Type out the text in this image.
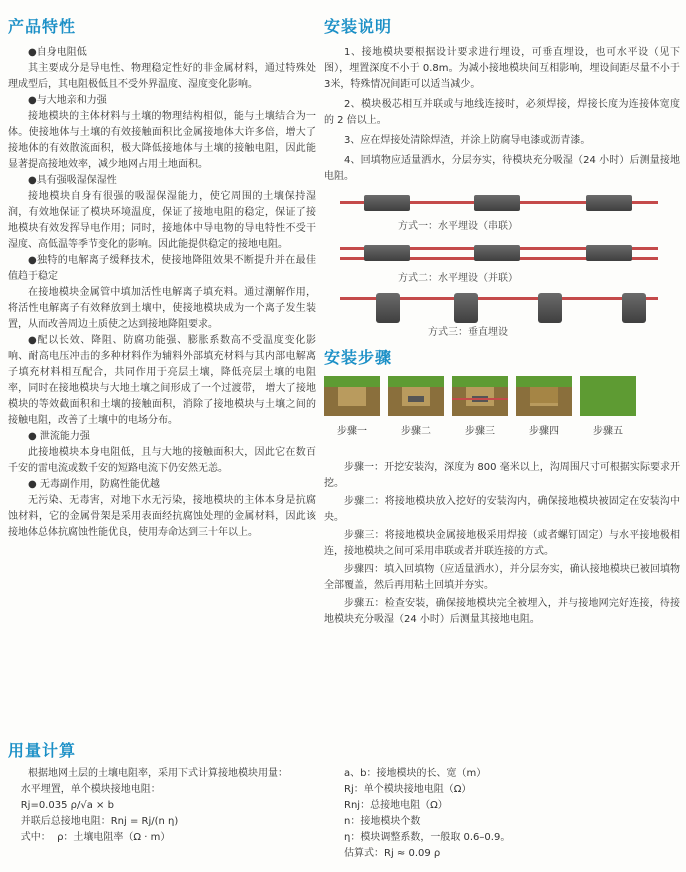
产品特性

●自身电阻低

其主要成分是导电性、物理稳定性好的非金属材料，通过特殊处理成型后，其电阻极低且不受外界温度、湿度变化影响。

●与大地亲和力强

接地模块的主体材料与土壤的物理结构相似，能与土壤结合为一体。使接地体与土壤的有效接触面积比金属接地体大许多倍，增大了接地体的有效散流面积，极大降低接地体与土壤的接触电阻，因此能显著提高接地效率，减少地网占用土地面积。

●具有强吸湿保湿性

接地模块自身有很强的吸湿保湿能力，使它周围的土壤保持湿润，有效地保证了模块环境温度，保证了接地电阻的稳定，保证了接地模块有效发挥导电作用；同时，接地体中导电物的导电特性不受干湿度、高低温等季节变化的影响。因此能提供稳定的接地电阻。

●独特的电解离子缓释技术，使接地降阻效果不断提升并在最佳值趋于稳定

在接地模块金属管中填加活性电解离子填充料。通过潮解作用，将活性电解离子有效释放到土壤中，使接地模块成为一个离子发生装置，从而改善周边土质使之达到接地降阻要求。

●配以长效、降阻、防腐功能强、膨胀系数高不受温度变化影响、耐高电压冲击的多种材料作为辅料外部填充材料与其内部电解离子填充材料相互配合，共同作用于亮层土壤，降低亮层土壤的电阻率，同时在接地模块与大地土壤之间形成了一个过渡带， 增大了接地模块的等效截面积和土壤的接触面积，消除了接地模块与土壤之间的接触电阻，改善了土壤中的电场分布。

● 泄流能力强

此接地模块本身电阻低，且与大地的接触面积大，因此它在数百千安的雷电流或数千安的短路电流下仍安然无恙。

● 无毒副作用，防腐性能优越

无污染、无毒害，对地下水无污染，接地模块的主体本身是抗腐蚀材料，它的金属骨架是采用表面经抗腐蚀处理的金属材料，因此该接地体总体抗腐蚀性能优良，使用寿命达到三十年以上。

安装说明

1、接地模块要根据设计要求进行埋设，可垂直埋设，也可水平设（见下图），埋置深度不小于 0.8m。为减小接地模块间互相影响，埋设间距尽量不小于3米，特殊情况间距可以适当减少。

2、模块极芯相互并联或与地线连接时，必须焊接，焊接长度为连接体宽度的 2 倍以上。

3、应在焊接处清除焊渣，并涂上防腐导电漆或沥青漆。

4、回填物应适量洒水，分层夯实，待模块充分吸湿（24 小时）后测量接地电阻。

方式一：水平埋设（串联）
方式二：水平埋设（并联）
方式三：垂直埋设
安装步骤
步骤一	步骤二	步骤三	步骤四	步骤五

步骤一：开挖安装沟，深度为 800 毫米以上，沟周围尺寸可根据实际要求开挖。

步骤二：将接地模块放入挖好的安装沟内，确保接地模块被固定在安装沟中央。

步骤三：将接地模块金属接地极采用焊接（或者螺钉固定）与水平接地极相连，接地模块之间可采用串联或者并联连接的方式。

步骤四：填入回填物（应适量洒水），并分层夯实，确认接地模块已被回填物全部覆盖，然后再用粘土回填并夯实。

步骤五：检查安装，确保接地模块完全被埋入，并与接地网完好连接，待接地模块充分吸湿（24 小时）后测量其接地电阻。

用量计算

根据地网土层的土壤电阻率，采用下式计算接地模块用量：

水平埋置，单个模块接地电阻：

Rj=0.035 ρ/√a × b

并联后总接地电阻：Rnj = Rj/(n η)

式中：  ρ：土壤电阻率（Ω · m）

a、b：接地模块的长、宽（m）

Rj：单个模块接地电阻（Ω）

Rnj：总接地电阻（Ω）

n：接地模块个数

η：模块调整系数，一般取 0.6–0.9。

估算式：Rj ≈ 0.09 ρ
